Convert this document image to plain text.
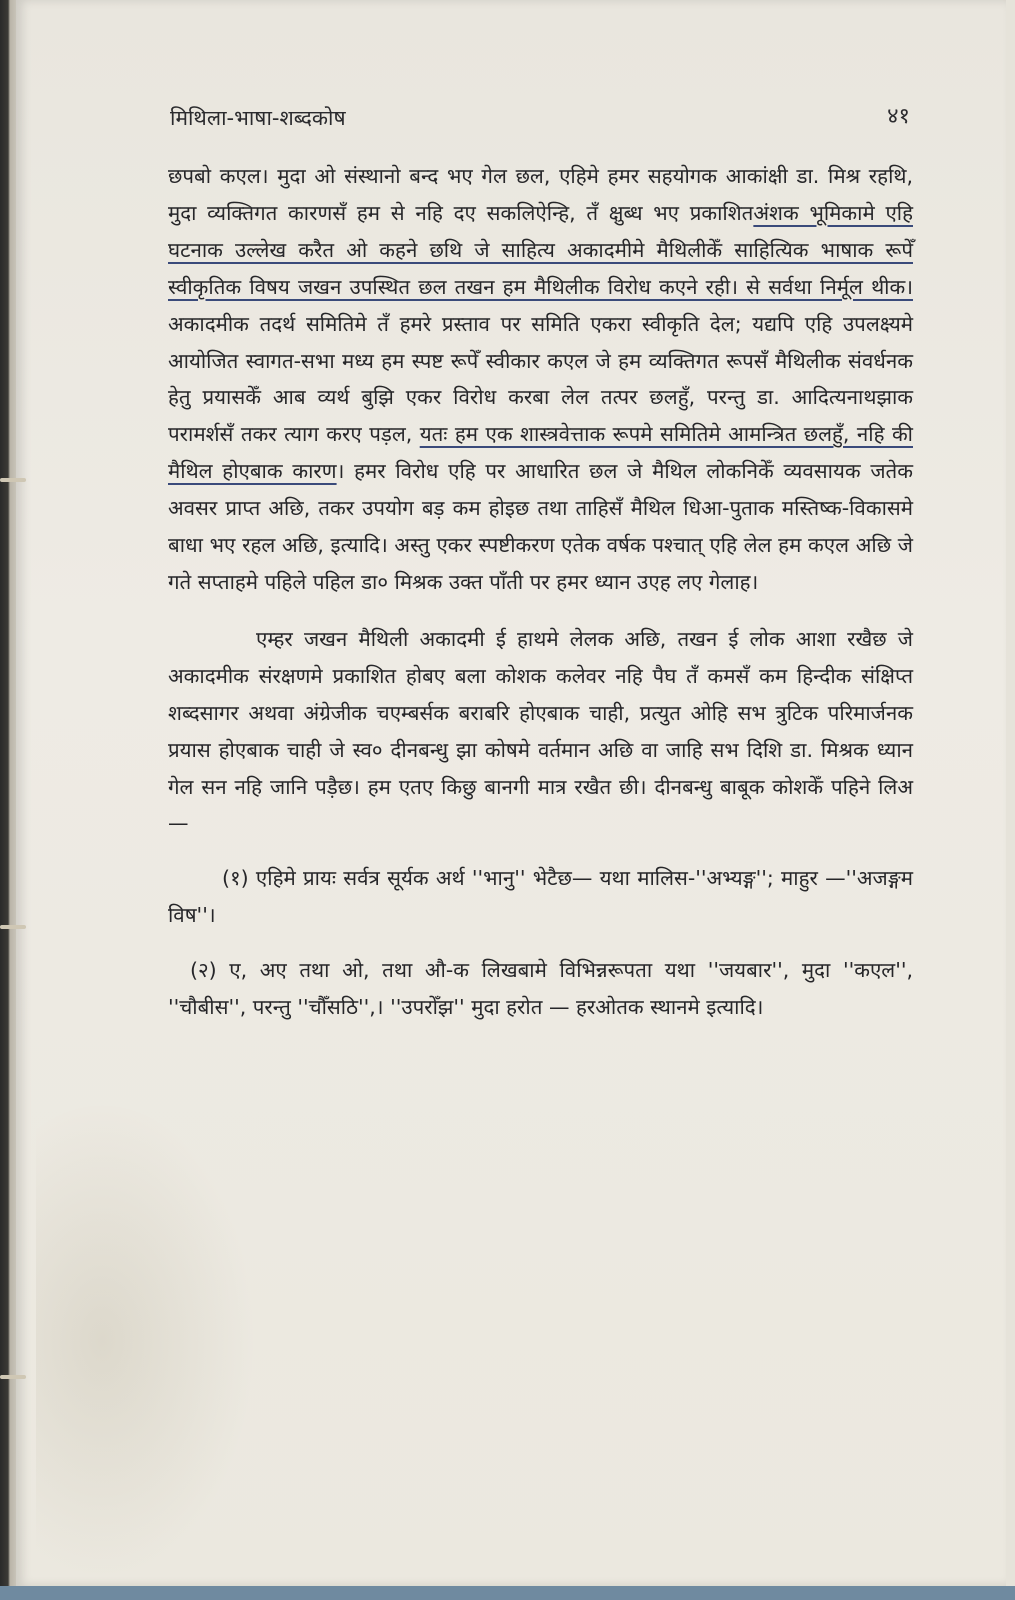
मिथिला-भाषा-शब्दकोष	४१

छपबो कएल। मुदा ओ संस्थानो बन्द भए गेल छल, एहिमे हमर सहयोगक आकांक्षी डा. मिश्र रहथि, मुदा व्यक्तिगत कारणसँ हम से नहि दए सकलिऐन्हि, तँ क्षुब्ध भए प्रकाशितअंशक भूमिकामे एहि घटनाक उल्लेख करैत ओ कहने छथि जे साहित्य अकादमीमे मैथिलीकेँ साहित्यिक भाषाक रूपेँ स्वीकृतिक विषय जखन उपस्थित छल तखन हम मैथिलीक विरोध कएने रही। से सर्वथा निर्मूल थीक। अकादमीक तदर्थ समितिमे तँ हमरे प्रस्ताव पर समिति एकरा स्वीकृति देल; यद्यपि एहि उपलक्ष्यमे आयोजित स्वागत-सभा मध्य हम स्पष्ट रूपेँ स्वीकार कएल जे हम व्यक्तिगत रूपसँ मैथिलीक संवर्धनक हेतु प्रयासकेँ आब व्यर्थ बुझि एकर विरोध करबा लेल तत्पर छलहुँ, परन्तु डा. आदित्यनाथझाक परामर्शसँ तकर त्याग करए पड़ल, यतः हम एक शास्त्रवेत्ताक रूपमे समितिमे आमन्त्रित छलहुँ, नहि की मैथिल होएबाक कारण। हमर विरोध एहि पर आधारित छल जे मैथिल लोकनिकेँ व्यवसायक जतेक अवसर प्राप्त अछि, तकर उपयोग बड़ कम होइछ तथा ताहिसँ मैथिल धिआ-पुताक मस्तिष्क-विकासमे बाधा भए रहल अछि, इत्यादि। अस्तु एकर स्पष्टीकरण एतेक वर्षक पश्चात् एहि लेल हम कएल अछि जे गते सप्ताहमे पहिले पहिल डा० मिश्रक उक्त पाँती पर हमर ध्यान उएह लए गेलाह।

एम्हर जखन मैथिली अकादमी ई हाथमे लेलक अछि, तखन ई लोक आशा रखैछ जे अकादमीक संरक्षणमे प्रकाशित होबए बला कोशक कलेवर नहि पैघ तँ कमसँ कम हिन्दीक संक्षिप्त शब्दसागर अथवा अंग्रेजीक चएम्बर्सक बराबरि होएबाक चाही, प्रत्युत ओहि सभ त्रुटिक परिमार्जनक प्रयास होएबाक चाही जे स्व० दीनबन्धु झा कोषमे वर्तमान अछि वा जाहि सभ दिशि डा. मिश्रक ध्यान गेल सन नहि जानि पड़ैछ। हम एतए किछु बानगी मात्र रखैत छी। दीनबन्धु बाबूक कोशकेँ पहिने लिअ —

(१) एहिमे प्रायः सर्वत्र सूर्यक अर्थ ''भानु'' भेटैछ— यथा मालिस-''अभ्यङ्ग''; माहुर —''अजङ्गम विष''।

(२) ए, अए तथा ओ, तथा औ-क लिखबामे विभिन्नरूपता यथा ''जयबार'', मुदा ''कएल'', ''चौबीस'', परन्तु ''चौँसठि'',। ''उपरोँझ'' मुदा हरोत — हरओतक स्थानमे इत्यादि।
